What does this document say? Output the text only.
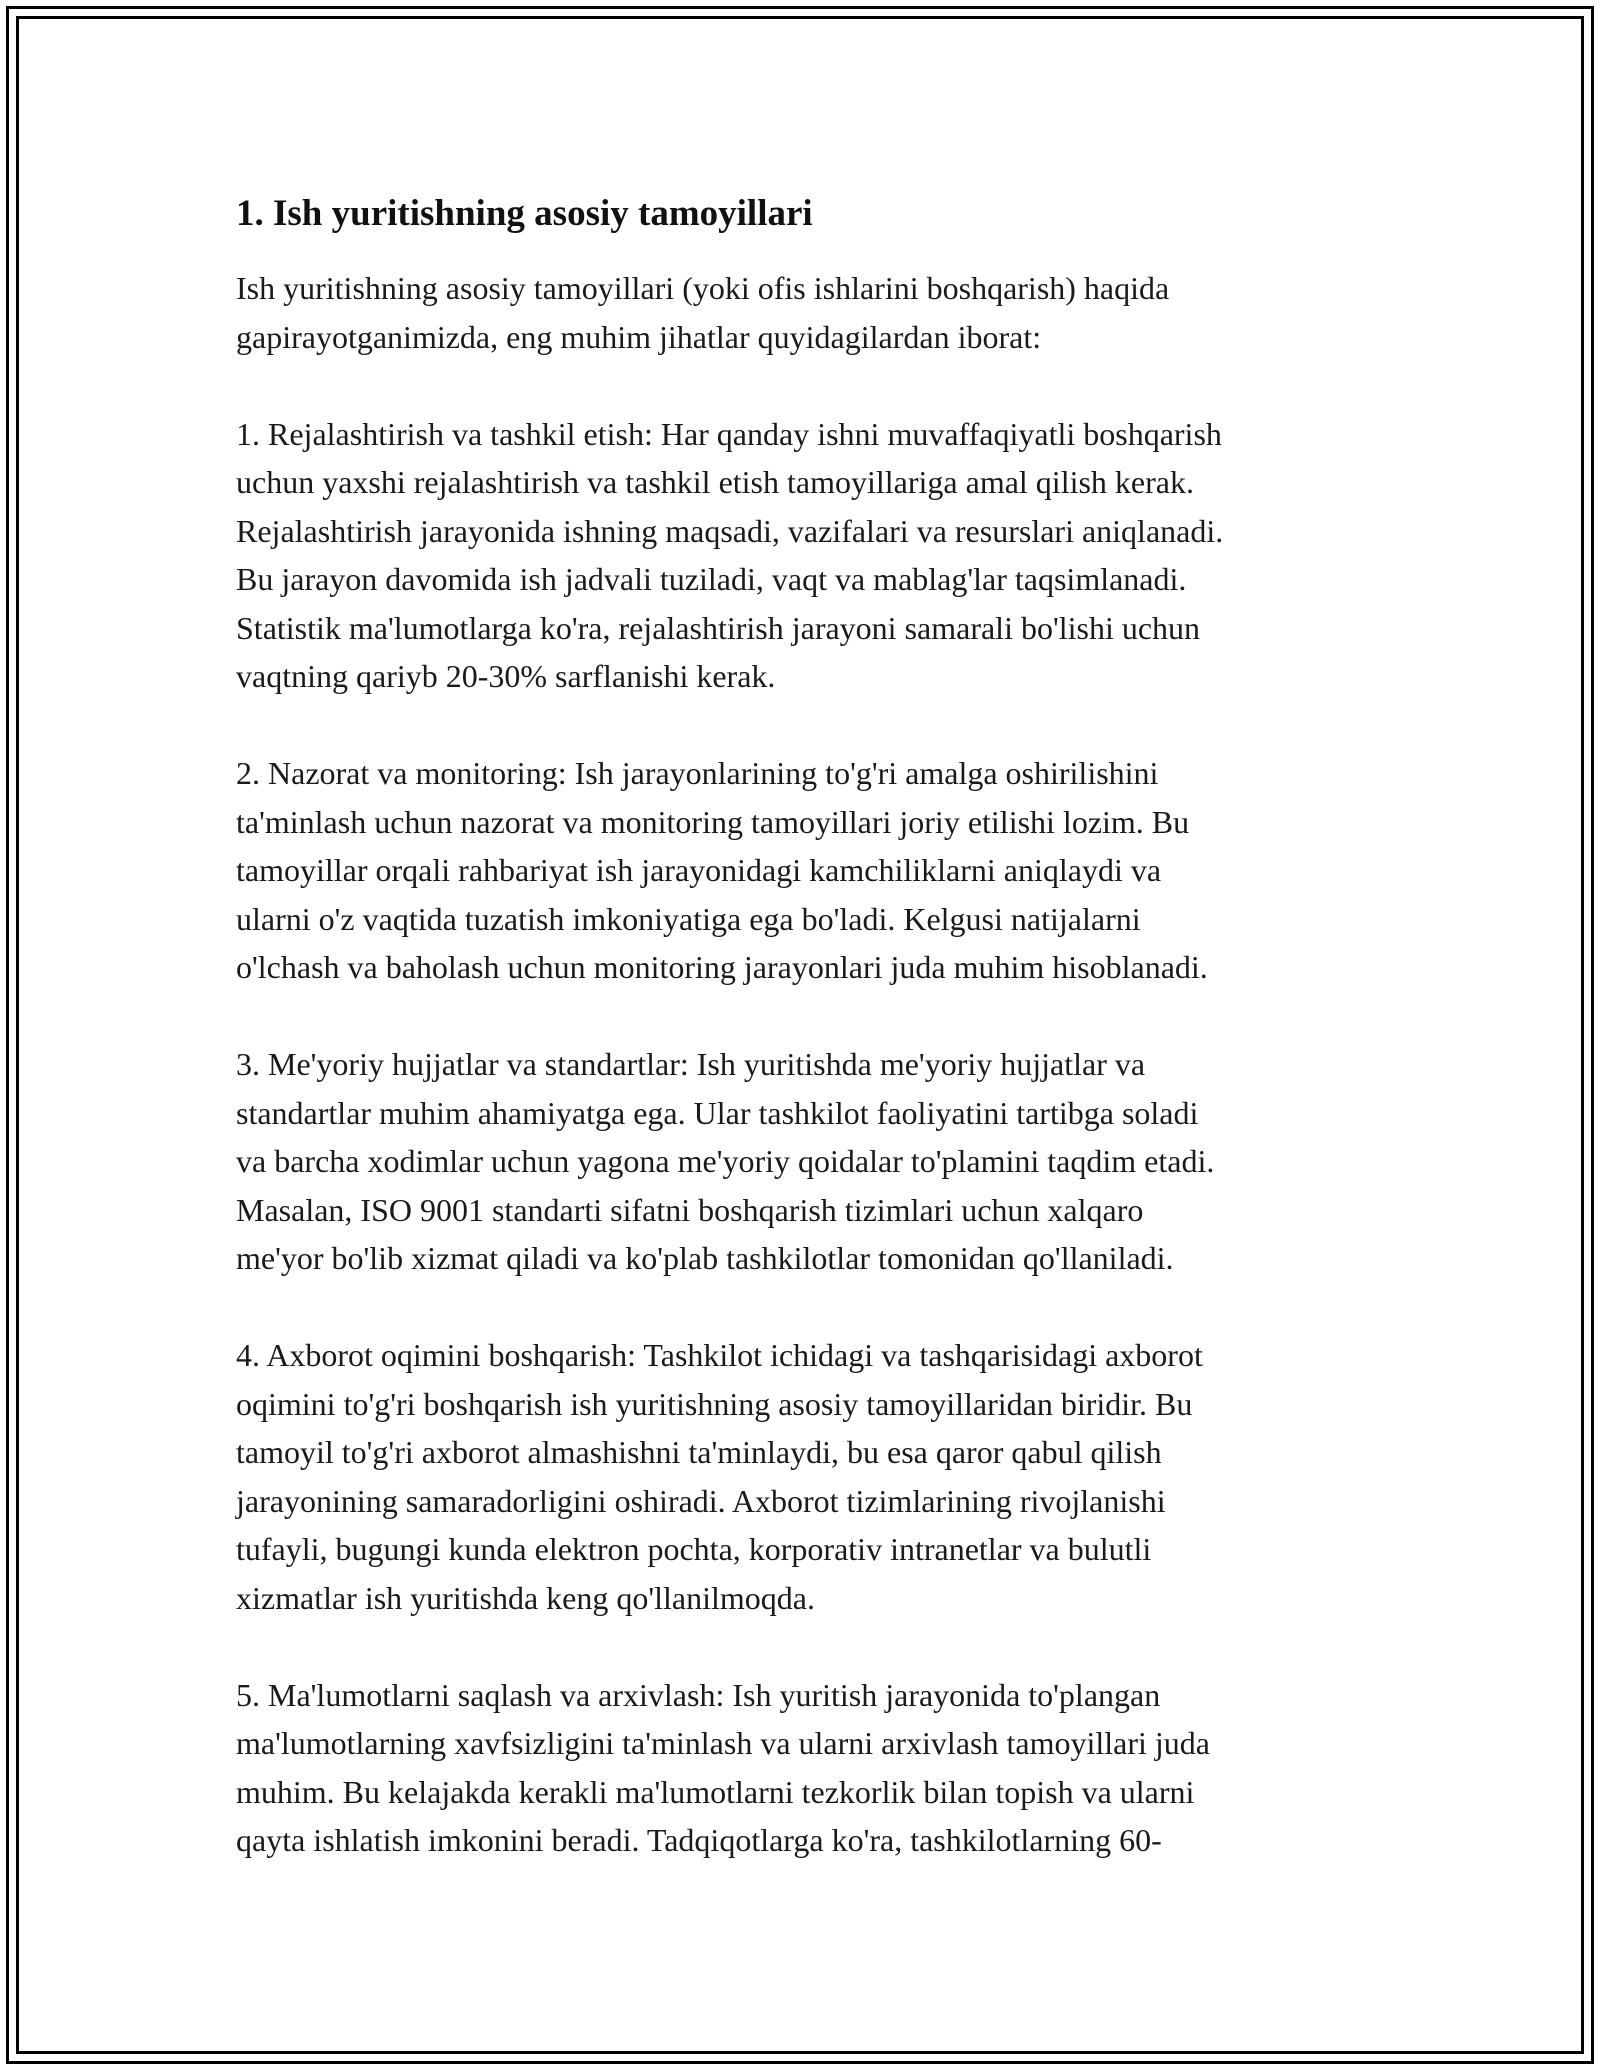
1. Ish yuritishning asosiy tamoyillari

Ish yuritishning asosiy tamoyillari (yoki ofis ishlarini boshqarish) haqida
gapirayotganimizda, eng muhim jihatlar quyidagilardan iborat:

1. Rejalashtirish va tashkil etish: Har qanday ishni muvaffaqiyatli boshqarish
uchun yaxshi rejalashtirish va tashkil etish tamoyillariga amal qilish kerak.
Rejalashtirish jarayonida ishning maqsadi, vazifalari va resurslari aniqlanadi.
Bu jarayon davomida ish jadvali tuziladi, vaqt va mablag'lar taqsimlanadi.
Statistik ma'lumotlarga ko'ra, rejalashtirish jarayoni samarali bo'lishi uchun
vaqtning qariyb 20-30% sarflanishi kerak.

2. Nazorat va monitoring: Ish jarayonlarining to'g'ri amalga oshirilishini
ta'minlash uchun nazorat va monitoring tamoyillari joriy etilishi lozim. Bu
tamoyillar orqali rahbariyat ish jarayonidagi kamchiliklarni aniqlaydi va
ularni o'z vaqtida tuzatish imkoniyatiga ega bo'ladi. Kelgusi natijalarni
o'lchash va baholash uchun monitoring jarayonlari juda muhim hisoblanadi.

3. Me'yoriy hujjatlar va standartlar: Ish yuritishda me'yoriy hujjatlar va
standartlar muhim ahamiyatga ega. Ular tashkilot faoliyatini tartibga soladi
va barcha xodimlar uchun yagona me'yoriy qoidalar to'plamini taqdim etadi.
Masalan, ISO 9001 standarti sifatni boshqarish tizimlari uchun xalqaro
me'yor bo'lib xizmat qiladi va ko'plab tashkilotlar tomonidan qo'llaniladi.

4. Axborot oqimini boshqarish: Tashkilot ichidagi va tashqarisidagi axborot
oqimini to'g'ri boshqarish ish yuritishning asosiy tamoyillaridan biridir. Bu
tamoyil to'g'ri axborot almashishni ta'minlaydi, bu esa qaror qabul qilish
jarayonining samaradorligini oshiradi. Axborot tizimlarining rivojlanishi
tufayli, bugungi kunda elektron pochta, korporativ intranetlar va bulutli
xizmatlar ish yuritishda keng qo'llanilmoqda.

5. Ma'lumotlarni saqlash va arxivlash: Ish yuritish jarayonida to'plangan
ma'lumotlarning xavfsizligini ta'minlash va ularni arxivlash tamoyillari juda
muhim. Bu kelajakda kerakli ma'lumotlarni tezkorlik bilan topish va ularni
qayta ishlatish imkonini beradi. Tadqiqotlarga ko'ra, tashkilotlarning 60-
